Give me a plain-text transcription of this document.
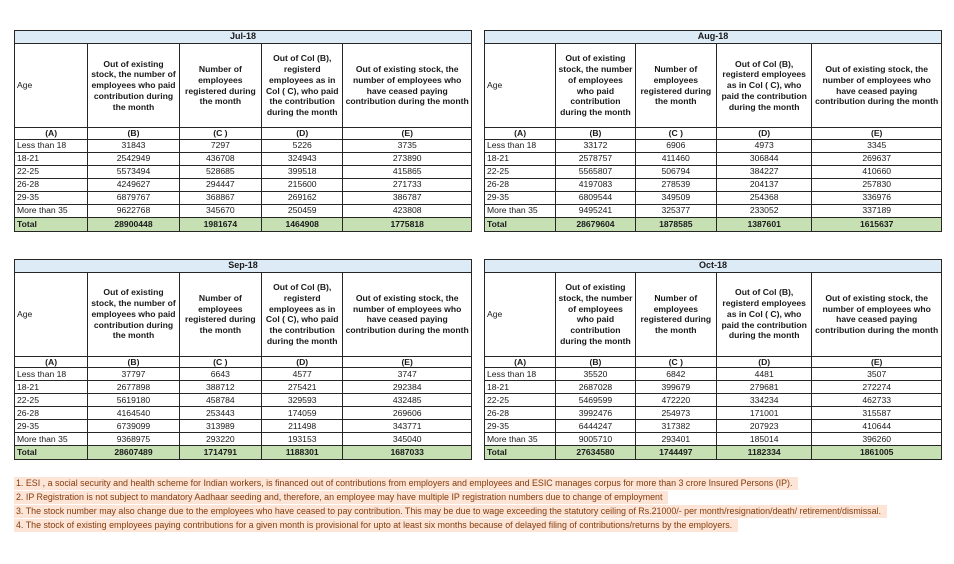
Jul-18				
Age	Out of existing stock, the number of employees who paid contribution during the month	Number of employees registered during the month	Out of Col (B), registerd employees as in Col ( C), who paid the contribution during the month	Out of existing stock, the number of employees who have ceased paying contribution during the month
(A)	(B)	(C )	(D)	(E)
Less than 18	31843	7297	5226	3735
18-21	2542949	436708	324943	273890
22-25	5573494	528685	399518	415865
26-28	4249627	294447	215600	271733
29-35	6879767	368867	269162	386787
More than 35	9622768	345670	250459	423808
Total	28900448	1981674	1464908	1775818
Aug-18				
Age	Out of existing stock, the number of employees who paid contribution during the month	Number of employees registered during the month	Out of Col (B), registerd employees as in Col ( C), who paid the contribution during the month	Out of existing stock, the number of employees who have ceased paying contribution during the month
(A)	(B)	(C )	(D)	(E)
Less than 18	33172	6906	4973	3345
18-21	2578757	411460	306844	269637
22-25	5565807	506794	384227	410660
26-28	4197083	278539	204137	257830
29-35	6809544	349509	254368	336976
More than 35	9495241	325377	233052	337189
Total	28679604	1878585	1387601	1615637
Sep-18				
Age	Out of existing stock, the number of employees who paid contribution during the month	Number of employees registered during the month	Out of Col (B), registerd employees as in Col ( C), who paid the contribution during the month	Out of existing stock, the number of employees who have ceased paying contribution during the month
(A)	(B)	(C )	(D)	(E)
Less than 18	37797	6643	4577	3747
18-21	2677898	388712	275421	292384
22-25	5619180	458784	329593	432485
26-28	4164540	253443	174059	269606
29-35	6739099	313989	211498	343771
More than 35	9368975	293220	193153	345040
Total	28607489	1714791	1188301	1687033
Oct-18				
Age	Out of existing stock, the number of employees who paid contribution during the month	Number of employees registered during the month	Out of Col (B), registerd employees as in Col ( C), who paid the contribution during the month	Out of existing stock, the number of employees who have ceased paying contribution during the month
(A)	(B)	(C )	(D)	(E)
Less than 18	35520	6842	4481	3507
18-21	2687028	399679	279681	272274
22-25	5469599	472220	334234	462733
26-28	3992476	254973	171001	315587
29-35	6444247	317382	207923	410644
More than 35	9005710	293401	185014	396260
Total	27634580	1744497	1182334	1861005
1. ESI , a social security and health scheme for Indian workers, is financed out of contributions from employers and employees and ESIC manages corpus for more than 3 crore Insured Persons (IP).
2. IP Registration is not subject to mandatory Aadhaar seeding and, therefore, an employee may have multiple IP registration numbers due to change of employment
3. The stock number may also change due to the employees who have ceased to pay contribution. This may be due to wage exceeding the statutory ceiling of Rs.21000/- per month/resignation/death/ retirement/dismissal.
4. The stock of existing employees paying contributions for a given month is provisional for upto at least six months because of delayed filing of contributions/returns by the employers.
